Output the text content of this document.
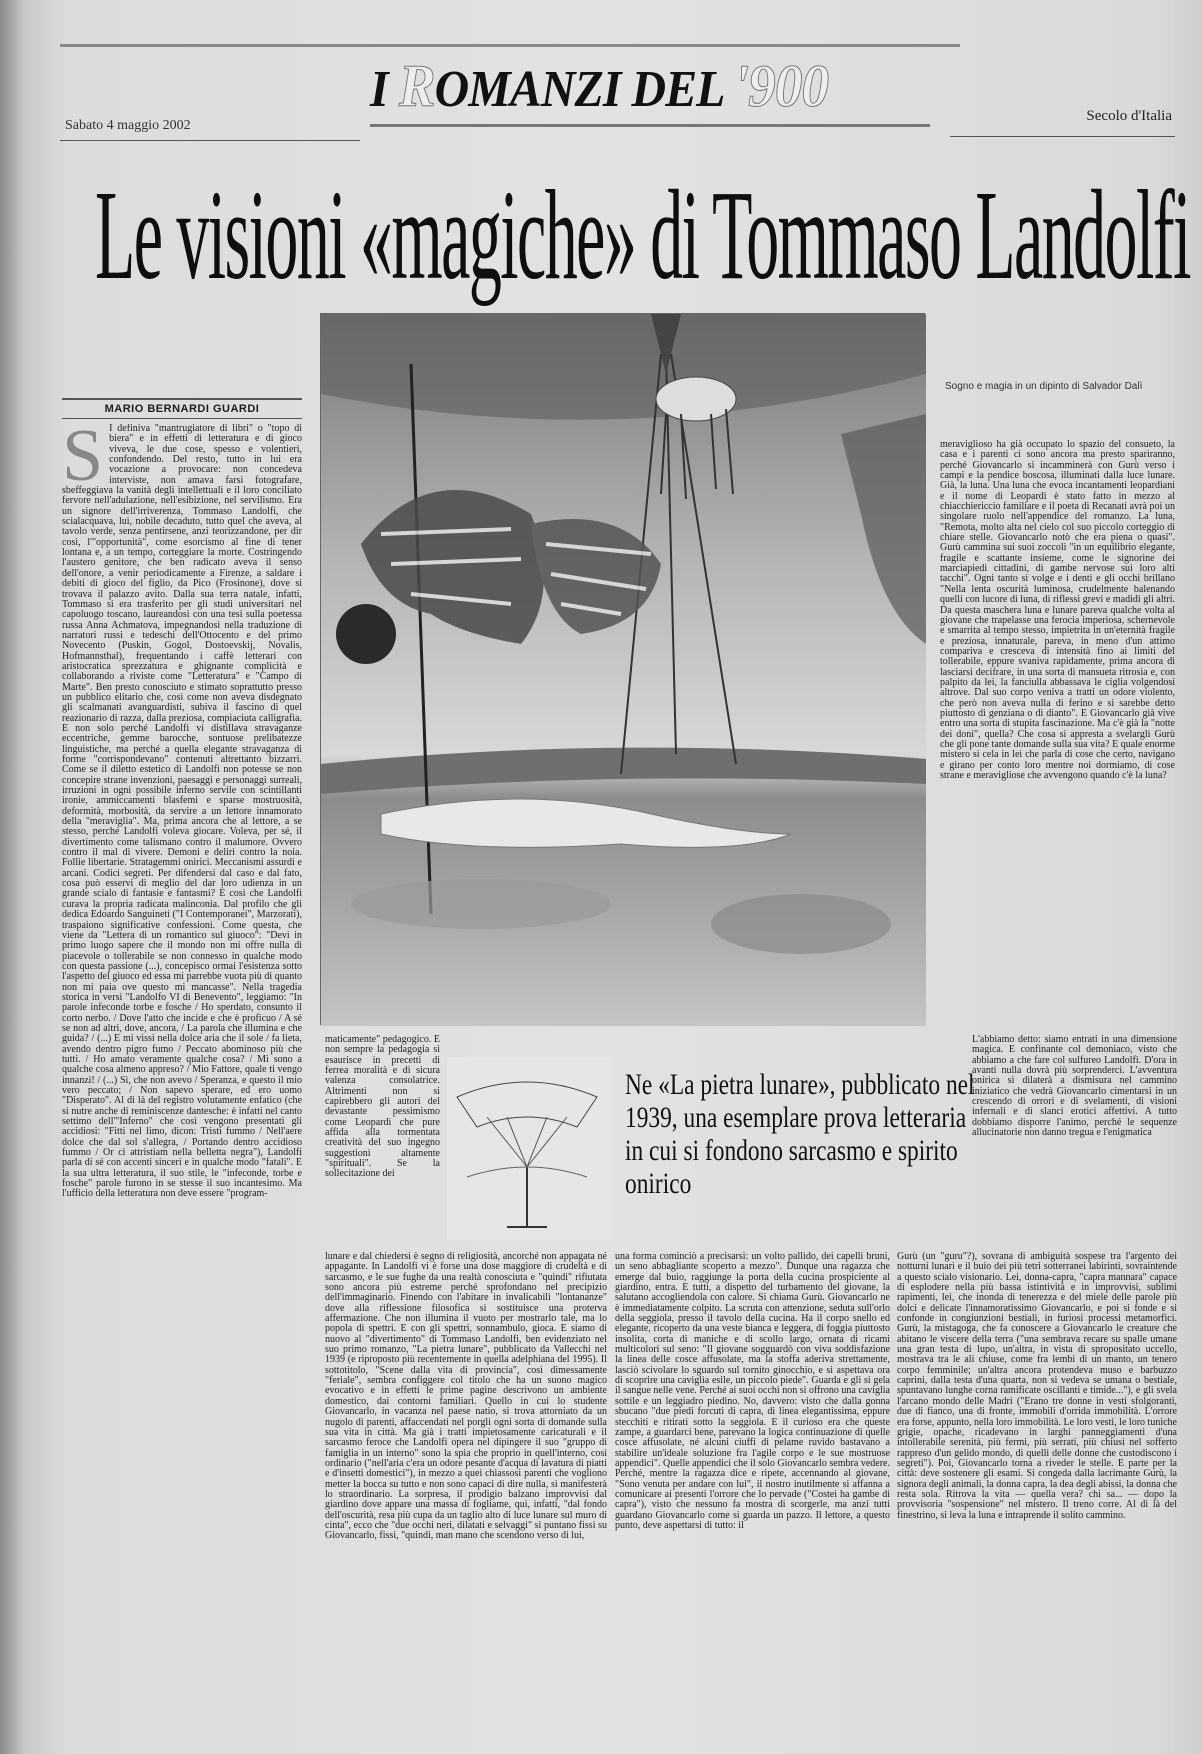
I ROMANZI DEL '900
Sabato 4 maggio 2002
Secolo d'Italia
Le visioni «magiche» di Tommaso Landolfi
MARIO BERNARDI GUARDI
S I definiva "mantrugiatore di libri" o "topo di biera" e in effetti di letteratura e di gioco viveva, le due cose, spesso e volentieri, confondendo. Del resto, tutto in lui era vocazione a provocare: non concedeva interviste, non amava farsi fotografare, sbeffeggiava la vanità degli intellettuali e il loro conciliato fervore nell'adulazione, nell'esibizione, nel servilismo. Era un signore dell'irriverenza, Tommaso Landolfi, che scialacquava, lui, nobile decaduto, tutto quel che aveva, al tavolo verde, senza pentirsene, anzi teorizzandone, per dir così, l'"opportunità", come esorcismo al fine di tener lontana e, a un tempo, corteggiare la morte. Costringendo l'austero genitore, che ben radicato aveva il senso dell'onore, a venir periodicamente a Firenze, a saldare i debiti di gioco del figlio, da Pico (Frosinone), dove si trovava il palazzo avito. Dalla sua terra natale, infatti, Tommaso si era trasferito per gli studi universitari nel capoluogo toscano, laureandosi con una tesi sulla poetessa russa Anna Achmatova, impegnandosi nella traduzione di narratori russi e tedeschi dell'Ottocento e del primo Novecento (Puskin, Gogol, Dostoevskij, Novalis, Hofmannsthal), frequentando i caffè letterari con aristocratica sprezzatura e ghignante complicità e collaborando a riviste come "Letteratura" e "Campo di Marte". Ben presto conosciuto e stimato soprattutto presso un pubblico elitario che, così come non aveva disdegnato gli scalmanati avanguardisti, subiva il fascino di quel reazionario di razza, dalla preziosa, compiaciuta calligrafia. E non solo perché Landolfi vi distillava stravaganze eccentriche, gemme barocche, sontuose prelibatezze linguistiche, ma perché a quella elegante stravaganza di forme "corrispondevano" contenuti altrettanto bizzarri. Come se il diletto estetico di Landolfi non potesse se non concepire strane invenzioni, paesaggi e personaggi surreali, irruzioni in ogni possibile inferno servile con scintillanti ironie, ammiccamenti blasfemi e sparse mostruosità, deformità, morbosità, da servire a un lettore innamorato della "meraviglia". Ma, prima ancora che al lettore, a se stesso, perché Landolfi voleva giocare. Voleva, per sé, il divertimento come talismano contro il malumore. Ovvero contro il mal di vivere. Demoni e deliri contro la noia. Follie libertarie. Stratagemmi onirici. Meccanismi assurdi e arcani. Codici segreti. Per difendersi dal caso e dal fato, cosa può esservi di meglio del dar loro udienza in un grande scialo di fantasie e fantasmi? È così che Landolfi curava la propria radicata malinconia. Dal profilo che gli dedica Edoardo Sanguineti ("I Contemporanei", Marzorati), traspaiono significative confessioni. Come questa, che viene da "Lettera di un romantico sul giuoco": "Devi in primo luogo sapere che il mondo non mi offre nulla di piacevole o tollerabile se non connesso in qualche modo con questa passione (...), concepisco ormai l'esistenza sotto l'aspetto del giuoco ed essa mi parrebbe vuota più di quanto non mi paia ove questo mi mancasse". Nella tragedia storica in versi "Landolfo VI di Benevento", leggiamo: "In parole infeconde torbe e fosche / Ho sperdato, consunto il corto nerbo. / Dove l'atto che incide e che è proficuo / A sé se non ad altri, dove, ancora, / La parola che illumina e che guida? / (...) E mi vissi nella dolce aria che il sole / fa lieta, avendo dentro pigro fumo / Peccato abominoso più che tutti. / Ho amato veramente qualche cosa? / Mi sono a qualche cosa almeno appreso? / Mio Fattore, quale ti vengo innanzi! / (...) Sì, che non avevo / Speranza, e questo il mio vero peccato; / Non sapevo sperare, ed ero uomo "Disperato". Al di là del registro volutamente enfatico (che si nutre anche di reminiscenze dantesche: è infatti nel canto settimo dell'"Inferno" che così vengono presentati gli accidiosi: "Fitti nel limo, dicon: Tristi fummo / Nell'aere dolce che dal sol s'allegra, / Portando dentro accidioso fummo / Or ci attristiam nella belletta negra"), Landolfi parla di sé con accenti sinceri e in qualche modo "fatali". E la sua ultra letteratura, il suo stile, le "infeconde, torbe e fosche" parole furono in se stesse il suo incantesimo. Ma l'ufficio della letteratura non deve essere "program-
Sogno e magia in un dipinto di Salvador Dalì
meraviglioso ha già occupato lo spazio del consueto, la casa e i parenti ci sono ancora ma presto spariranno, perché Giovancarlo si incamminerà con Gurù verso i campi e la pendice boscosa, illuminati dalla luce lunare. Già, la luna. Una luna che evoca incantamenti leopardiani e il nome di Leopardi è stato fatto in mezzo al chiacchiericcio familiare e il poeta di Recanati avrà poi un singolare ruolo nell'appendice del romanzo. La luna, "Remota, molto alta nel cielo col suo piccolo corteggio di chiare stelle. Giovancarlo notò che era piena o quasi". Gurù cammina sui suoi zoccoli "in un equilibrio elegante, fragile e scattante insieme, come le signorine dei marciapiedi cittadini, di gambe nervose sui loro alti tacchi". Ogni tanto si volge e i denti e gli occhi brillano "Nella lenta oscurità luminosa, crudelmente balenando quelli con lucore di luna, di riflessi grevi e madidi gli altri. Da questa maschera luna e lunare pareva qualche volta al giovane che trapelasse una ferocia imperiosa, schernevole e smarrita al tempo stesso, impietrita in un'eternità fragile e preziosa, innaturale, pareva, in meno d'un attimo compariva e cresceva di intensità fino ai limiti del tollerabile, eppure svaniva rapidamente, prima ancora di lasciarsi decifrare, in una sorta di mansueta ritrosia e, con palpito da lei, la fanciulla abbassava le ciglia volgendosi altrove. Dal suo corpo veniva a tratti un odore violento, che però non aveva nulla di ferino e si sarebbe detto piuttosto di genziana o di dianto". E Giovancarlo già vive entro una sorta di stupita fascinazione. Ma c'è già la "notte dei doni", quella? Che cosa si appresta a svelargli Gurù che gli pone tante domande sulla sua vita? E quale enorme mistero si cela in lei che parla di cose che certo, navigano e girano per conto loro mentre noi dormiamo, di cose strane e meravigliose che avvengono quando c'è la luna?
L'abbiamo detto: siamo entrati in una dimensione magica. E confinante col demoniaco, visto che abbiamo a che fare col sulfureo Landolfi. D'ora in avanti nulla dovrà più sorprenderci. L'avventura onirica si dilaterà a dismisura nel cammino iniziatico che vedrà Giovancarlo cimentarsi in un crescendo di orrori e di svelamenti, di visioni infernali e di slanci erotici affettivi. A tutto dobbiamo disporre l'animo, perché le sequenze allucinatorie non danno tregua e l'enigmatica
maticamente" pedagogico. E non sempre la pedagogia si esaurisce in precetti di ferrea moralità e di sicura valenza consolatrice. Altrimenti non si capirebbero gli autori del devastante pessimismo come Leopardi che pure affida alla tormentata creatività del suo ingegno suggestioni altamente "spirituali". Se la sollecitazione dei
Ne «La pietra lunare», pubblicato nel 1939, una esemplare prova letteraria in cui si fondono sarcasmo e spirito onirico
lunare e dal chiedersi è segno di religiosità, ancorché non appagata né appagante. In Landolfi vi è forse una dose maggiore di crudeltà e di sarcasmo, e le sue fughe da una realtà conosciuta e "quindi" rifiutata sono ancora più estreme perché sprofondano nel precipizio dell'immaginario. Finendo con l'abitare in invalicabili "lontananze" dove alla riflessione filosofica si sostituisce una proterva affermazione. Che non illumina il vuoto per mostrarlo tale, ma lo popola di spettri. E con gli spettri, sonnambulo, gioca. E siamo di nuovo al "divertimento" di Tommaso Landolfi, ben evidenziato nel suo primo romanzo, "La pietra lunare", pubblicato da Vallecchi nel 1939 (e riproposto più recentemente in quella adelphiana del 1995). Il sottotitolo, "Scene dalla vita di provincia", così dimessamente "feriale", sembra configgere col titolo che ha un suono magico evocativo e in effetti le prime pagine descrivono un ambiente domestico, dai contorni familiari. Quello in cui lo studente Giovancarlo, in vacanza nel paese natio, si trova attorniato da un nugolo di parenti, affaccendati nel porgli ogni sorta di domande sulla sua vita in città. Ma già i tratti impietosamente caricaturali e il sarcasmo feroce che Landolfi opera nel dipingere il suo "gruppo di famiglia in un interno" sono la spia che proprio in quell'interno, così ordinario ("nell'aria c'era un odore pesante d'acqua di lavatura di piatti e d'insetti domestici"), in mezzo a quei chiassosi parenti che vogliono metter la bocca su tutto e non sono capaci di dire nulla, si manifesterà lo straordinario. La sorpresa, il prodigio balzano improvvisi dal giardino dove appare una massa di fogliame, qui, infatti, "dal fondo dell'oscurità, resa più cupa da un taglio alto di luce lunare sul muro di cinta", ecco che "due occhi neri, dilatati e selvaggi" si puntano fissi su Giovancarlo, fissi, "quindi, man mano che scendono verso di lui,
una forma cominciò a precisarsi: un volto pallido, dei capelli bruni, un seno abbagliante scoperto a mezzo". Dunque una ragazza che emerge dal buio, raggiunge la porta della cucina prospiciente al giardino, entra. E tutti, a dispetto del turbamento del giovane, la salutano accogliendola con calore. Si chiama Gurù. Giovancarlo ne è immediatamente colpito. La scruta con attenzione, seduta sull'orlo della seggiola, presso il tavolo della cucina. Ha il corpo snello ed elegante, ricoperto da una veste bianca e leggera, di foggia piuttosto insolita, corta di maniche e di scollo largo, ornata di ricami multicolori sul seno: "Il giovane sogguardò con viva soddisfazione la linea delle cosce affusolate, ma la stoffa aderiva strettamente, lasciò scivolare lo sguardo sul tornito ginocchio, e si aspettava ora di scoprire una caviglia esile, un piccolo piede". Guarda e gli si gela il sangue nelle vene. Perché ai suoi occhi non si offrono una caviglia sottile e un leggiadro piedino. No, davvero: visto che dalla gonna sbucano "due piedi forcuti di capra, di linea elegantissima, eppure stecchiti e ritirati sotto la seggiola. E il curioso era che queste zampe, a guardarci bene, parevano la logica continuazione di quelle cosce affusolate, né alcuni ciuffi di pelame ruvido bastavano a stabilire un'ideale soluzione fra l'agile corpo e le sue mostruose appendici". Quelle appendici che il solo Giovancarlo sembra vedere. Perché, mentre la ragazza dice e ripete, accennando al giovane, "Sono venuta per andare con lui", il nostro inutilmente si affanna a comunicare ai presenti l'orrore che lo pervade ("Costei ha gambe di capra"), visto che nessuno fa mostra di scorgerle, ma anzi tutti guardano Giovancarlo come si guarda un pazzo. Il lettore, a questo punto, deve aspettarsi di tutto: il
Gurù (un "guru"?), sovrana di ambiguità sospese tra l'argento dei notturni lunari e il buio dei più tetri sotterranei labirinti, sovraintende a questo scialo visionario. Lei, donna-capra, "capra mannara" capace di esplodere nella più bassa istintività e in improvvisi, sublimi rapimenti, lei, che inonda di tenerezza e del miele delle parole più dolci e delicate l'innamoratissimo Giovancarlo, e poi si fonde e si confonde in congiunzioni bestiali, in furiosi processi metamorfici. Gurù, la mistagoga, che fa conoscere a Giovancarlo le creature che abitano le viscere della terra ("una sembrava recare su spalle umane una gran testa di lupo, un'altra, in vista di spropositato uccello, mostrava tra le ali chiuse, come fra lembi di un manto, un tenero corpo femminile; un'altra ancora protendeva muso e barbuzzo caprini, dalla testa d'una quarta, non si vedeva se umana o bestiale, spuntavano lunghe corna ramificate oscillanti e timide..."), e gli svela l'arcano mondo delle Madri ("Erano tre donne in vesti sfolgoranti, due di fianco, una di fronte, immobili d'orrida immobilità. L'orrore era forse, appunto, nella loro immobilità. Le loro vesti, le loro tuniche grigie, opache, ricadevano in larghi panneggiamenti d'una intollerabile serenità, più fermi, più serrati, più chiusi nel sofferto rappreso d'un gelido mondo, di quelli delle donne che custodiscono i segreti"). Poi, Giovancarlo torna a riveder le stelle. E parte per la città: deve sostenere gli esami. Si congeda dalla lacrimante Gurù, la signora degli animali, la donna capra, la dea degli abissi, la donna che resta sola. Ritrova la vita — quella vera? chi sa... — dopo la provvisoria "sospensione" nel mistero. Il treno corre. Al di là del finestrino, si leva la luna e intraprende il solito cammino.
